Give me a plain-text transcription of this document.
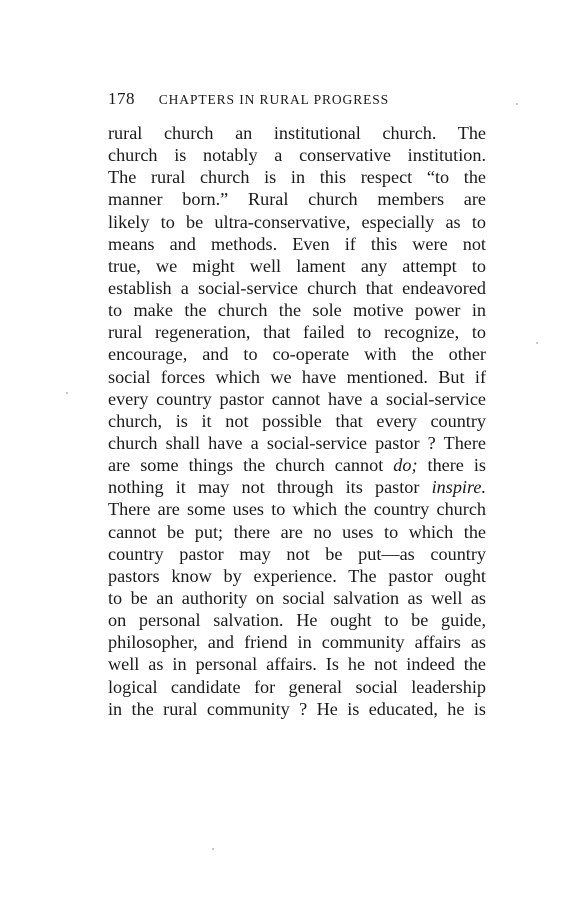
178 CHAPTERS IN RURAL PROGRESS
rural church an institutional church. The
church is notably a conservative institution.
The rural church is in this respect “to the
manner born.” Rural church members are
likely to be ultra-conservative, especially as to
means and methods. Even if this were not
true, we might well lament any attempt to
establish a social-service church that endeavored
to make the church the sole motive power in
rural regeneration, that failed to recognize, to
encourage, and to co-operate with the other
social forces which we have mentioned. But if
every country pastor cannot have a social-service
church, is it not possible that every country
church shall have a social-service pastor ? There
are some things the church cannot do; there is
nothing it may not through its pastor inspire.
There are some uses to which the country church
cannot be put; there are no uses to which the
country pastor may not be put—as country
pastors know by experience. The pastor ought
to be an authority on social salvation as well as
on personal salvation. He ought to be guide,
philosopher, and friend in community affairs as
well as in personal affairs. Is he not indeed the
logical candidate for general social leadership
in the rural community ? He is educated, he is
